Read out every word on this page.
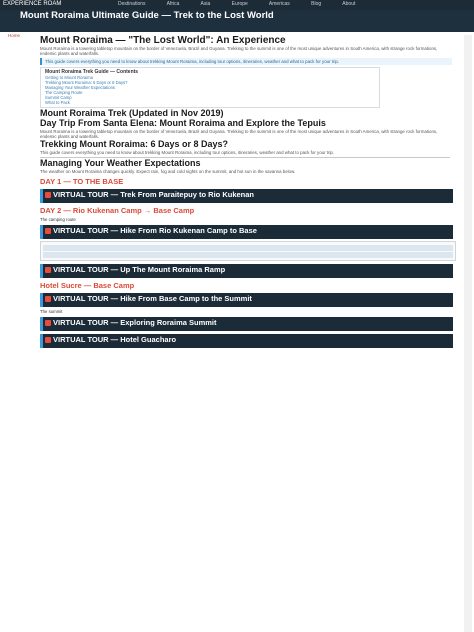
EXPERIENCE ROAM	Destinations	Africa	Asia	Europe	Americas	Blog	About
Mount Roraima Ultimate Guide — Trek to the Lost World
Home Mount Roraima — "The Lost World": An Experience
Mount Roraima is a towering tabletop mountain on the border of Venezuela, Brazil and Guyana. Trekking to the summit is one of the most unique adventures in South America, with strange rock formations, endemic plants and waterfalls.
This guide covers everything you need to know about trekking Mount Roraima, including tour options, itineraries, weather and what to pack for your trip.
Mount Roraima Trek Guide — Contents
Getting to Mount Roraima
Trekking Mount Roraima: 6 Days or 8 Days?
Managing Your Weather Expectations
The Camping Route
Summit Camp
What to Pack
Mount Roraima Trek (Updated in Nov 2019)
Day Trip From Santa Elena: Mount Roraima and Explore the Tepuis
Mount Roraima is a towering tabletop mountain on the border of Venezuela, Brazil and Guyana. Trekking to the summit is one of the most unique adventures in South America, with strange rock formations, endemic plants and waterfalls.
Trekking Mount Roraima: 6 Days or 8 Days?
This guide covers everything you need to know about trekking Mount Roraima, including tour options, itineraries, weather and what to pack for your trip.
Managing Your Weather Expectations
The weather on Mount Roraima changes quickly. Expect rain, fog and cold nights on the summit, and hot sun in the savanna below.
DAY 1 — TO THE BASE
VIRTUAL TOUR — Trek From Paraitepuy to Rio Kukenan
DAY 2 — Rio Kukenan Camp → Base Camp
The camping route
VIRTUAL TOUR — Hike From Rio Kukenan Camp to Base
VIRTUAL TOUR — Up The Mount Roraima Ramp
Hotel Sucre — Base Camp
VIRTUAL TOUR — Hike From Base Camp to the Summit
The summit
VIRTUAL TOUR — Exploring Roraima Summit
VIRTUAL TOUR — Hotel Guacharo
